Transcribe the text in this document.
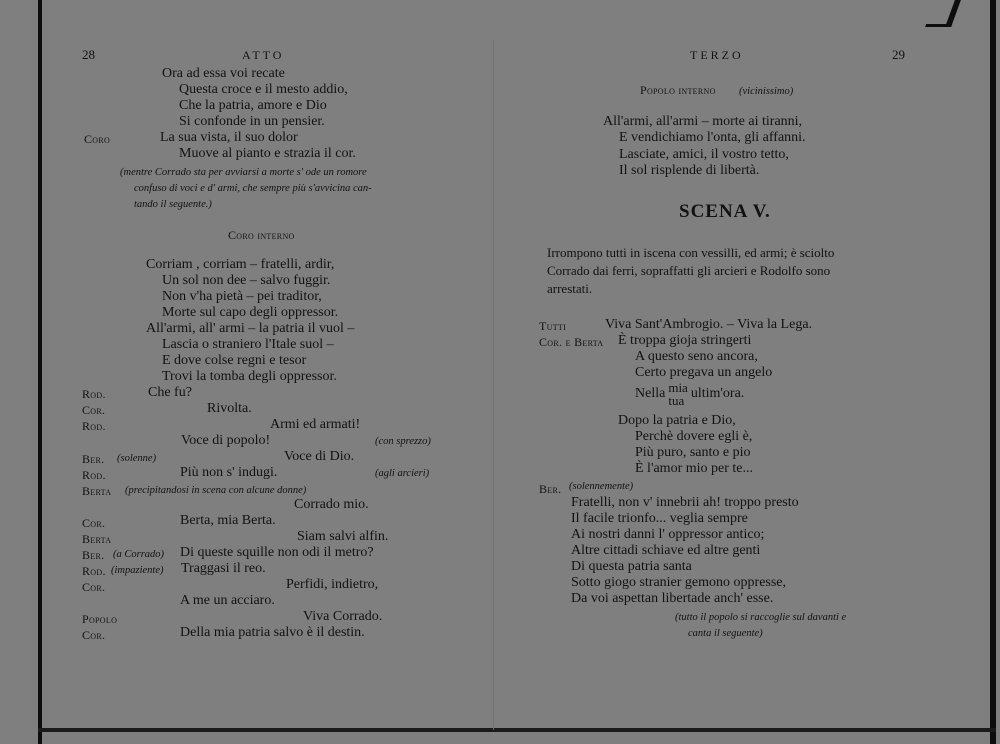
28	ATTO
Ora ad essa voi recate
Questa croce e il mesto addio,
Che la patria, amore e Dio
Si confonde in un pensier.
Coro	La sua vista, il suo dolor
Muove al pianto e strazia il cor.
(mentre Corrado sta per avviarsi a morte s' ode un romore
confuso di voci e d' armi, che sempre più s'avvicina can-
tando il seguente.)
Coro interno
Corriam , corriam – fratelli, ardir,
Un sol non dee – salvo fuggir.
Non v'ha pietà – pei traditor,
Morte sul capo degli oppressor.
All'armi, all' armi – la patria il vuol –
Lascia o straniero l'Itale suol –
E dove colse regni e tesor
Trovi la tomba degli oppressor.
Rod.	Che fu?
Cor.	Rivolta.
Rod.	Armi ed armati!
Voce di popolo!	(con sprezzo)
Ber. (solenne)	Voce di Dio.
Rod.	Più non s' indugi.	(agli arcieri)
Berta (precipitandosi in scena con alcune donne)
Corrado mio.
Cor.	Berta, mia Berta.
Berta	Siam salvi alfin.
Ber. (a Corrado) Di queste squille non odi il metro?
Rod. (impaziente) Traggasi il reo.
Cor.	Perfidi, indietro,
A me un acciaro.
Popolo	Viva Corrado.
Cor.	Della mia patria salvo è il destin.
TERZO	29
Popolo interno (vicinissimo)
All'armi, all'armi – morte ai tiranni,
E vendichiamo l'onta, gli affanni.
Lasciate, amici, il vostro tetto,
Il sol risplende di libertà.
SCENA V.
Irrompono tutti in iscena con vessilli, ed armi; è sciolto
Corrado dai ferri, sopraffatti gli arcieri e Rodolfo sono
arrestati.
Tutti	Viva Sant'Ambrogio. – Viva la Lega.
Cor. e Berta È troppa gioja stringerti
A questo seno ancora,
Certo pregava un angelo
Nella mia
tua ultim'ora.
Dopo la patria e Dio,
Perchè dovere egli è,
Più puro, santo e pio
È l'amor mio per te...
Ber. (solennemente)
Fratelli, non v' innebrii ah! troppo presto
Il facile trionfo... veglia sempre
Ai nostri danni l' oppressor antico;
Altre cittadi schiave ed altre genti
Di questa patria santa
Sotto giogo stranier gemono oppresse,
Da voi aspettan libertade anch' esse.
(tutto il popolo si raccoglie sul davanti e
canta il seguente)
